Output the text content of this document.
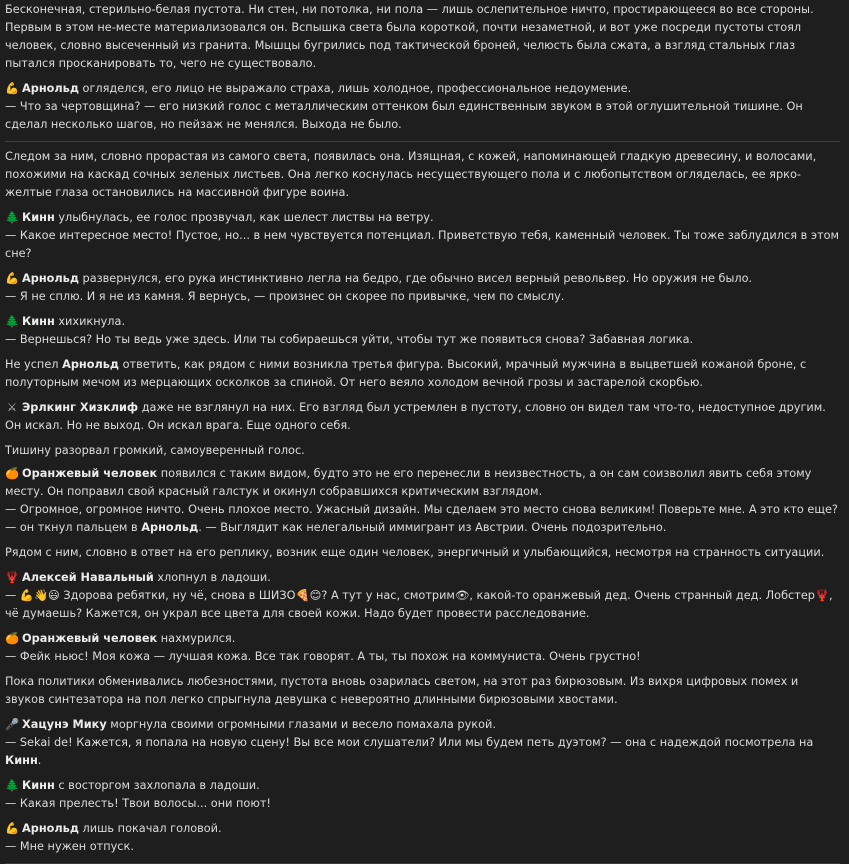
Бесконечная, стерильно-белая пустота. Ни стен, ни потолка, ни пола — лишь ослепительное ничто, простирающееся во все стороны. Первым в этом не-месте материализовался он. Вспышка света была короткой, почти незаметной, и вот уже посреди пустоты стоял человек, словно высеченный из гранита. Мышцы бугрились под тактической броней, челюсть была сжата, а взгляд стальных глаз пытался просканировать то, чего не существовало.

💪 Арнольд огляделся, его лицо не выражало страха, лишь холодное, профессиональное недоумение.
— Что за чертовщина? — его низкий голос с металлическим оттенком был единственным звуком в этой оглушительной тишине. Он сделал несколько шагов, но пейзаж не менялся. Выхода не было.

Следом за ним, словно прорастая из самого света, появилась она. Изящная, с кожей, напоминающей гладкую древесину, и волосами, похожими на каскад сочных зеленых листьев. Она легко коснулась несуществующего пола и с любопытством огляделась, ее ярко-желтые глаза остановились на массивной фигуре воина.

🌲 Кинн улыбнулась, ее голос прозвучал, как шелест листвы на ветру.
— Какое интересное место! Пустое, но... в нем чувствуется потенциал. Приветствую тебя, каменный человек. Ты тоже заблудился в этом сне?

💪 Арнольд развернулся, его рука инстинктивно легла на бедро, где обычно висел верный револьвер. Но оружия не было.
— Я не сплю. И я не из камня. Я вернусь, — произнес он скорее по привычке, чем по смыслу.

🌲 Кинн хихикнула.
— Вернешься? Но ты ведь уже здесь. Или ты собираешься уйти, чтобы тут же появиться снова? Забавная логика.

Не успел Арнольд ответить, как рядом с ними возникла третья фигура. Высокий, мрачный мужчина в выцветшей кожаной броне, с полуторным мечом из мерцающих осколков за спиной. От него веяло холодом вечной грозы и застарелой скорбью.

⚔ Эрлкинг Хизклиф даже не взглянул на них. Его взгляд был устремлен в пустоту, словно он видел там что-то, недоступное другим. Он искал. Но не выход. Он искал врага. Еще одного себя.

Тишину разорвал громкий, самоуверенный голос.

🍊 Оранжевый человек появился с таким видом, будто это не его перенесли в неизвестность, а он сам соизволил явить себя этому месту. Он поправил свой красный галстук и окинул собравшихся критическим взглядом.
— Огромное, огромное ничто. Очень плохое место. Ужасный дизайн. Мы сделаем это место снова великим! Поверьте мне. А это кто еще? — он ткнул пальцем в Арнольд. — Выглядит как нелегальный иммигрант из Австрии. Очень подозрительно.

Рядом с ним, словно в ответ на его реплику, возник еще один человек, энергичный и улыбающийся, несмотря на странность ситуации.

🦞 Алексей Навальный хлопнул в ладоши.
— 💪👋😃 Здорова ребятки, ну чё, снова в ШИЗО🍕😊? А тут у нас, смотрим👁, какой-то оранжевый дед. Очень странный дед. Лобстер🦞, чё думаешь? Кажется, он украл все цвета для своей кожи. Надо будет провести расследование.

🍊 Оранжевый человек нахмурился.
— Фейк ньюс! Моя кожа — лучшая кожа. Все так говорят. А ты, ты похож на коммуниста. Очень грустно!

Пока политики обменивались любезностями, пустота вновь озарилась светом, на этот раз бирюзовым. Из вихря цифровых помех и звуков синтезатора на пол легко спрыгнула девушка с невероятно длинными бирюзовыми хвостами.

🎤 Хацунэ Мику моргнула своими огромными глазами и весело помахала рукой.
— Sekai de! Кажется, я попала на новую сцену! Вы все мои слушатели? Или мы будем петь дуэтом? — она с надеждой посмотрела на Кинн.

🌲 Кинн с восторгом захлопала в ладоши.
— Какая прелесть! Твои волосы... они поют!

💪 Арнольд лишь покачал головой.
— Мне нужен отпуск.
